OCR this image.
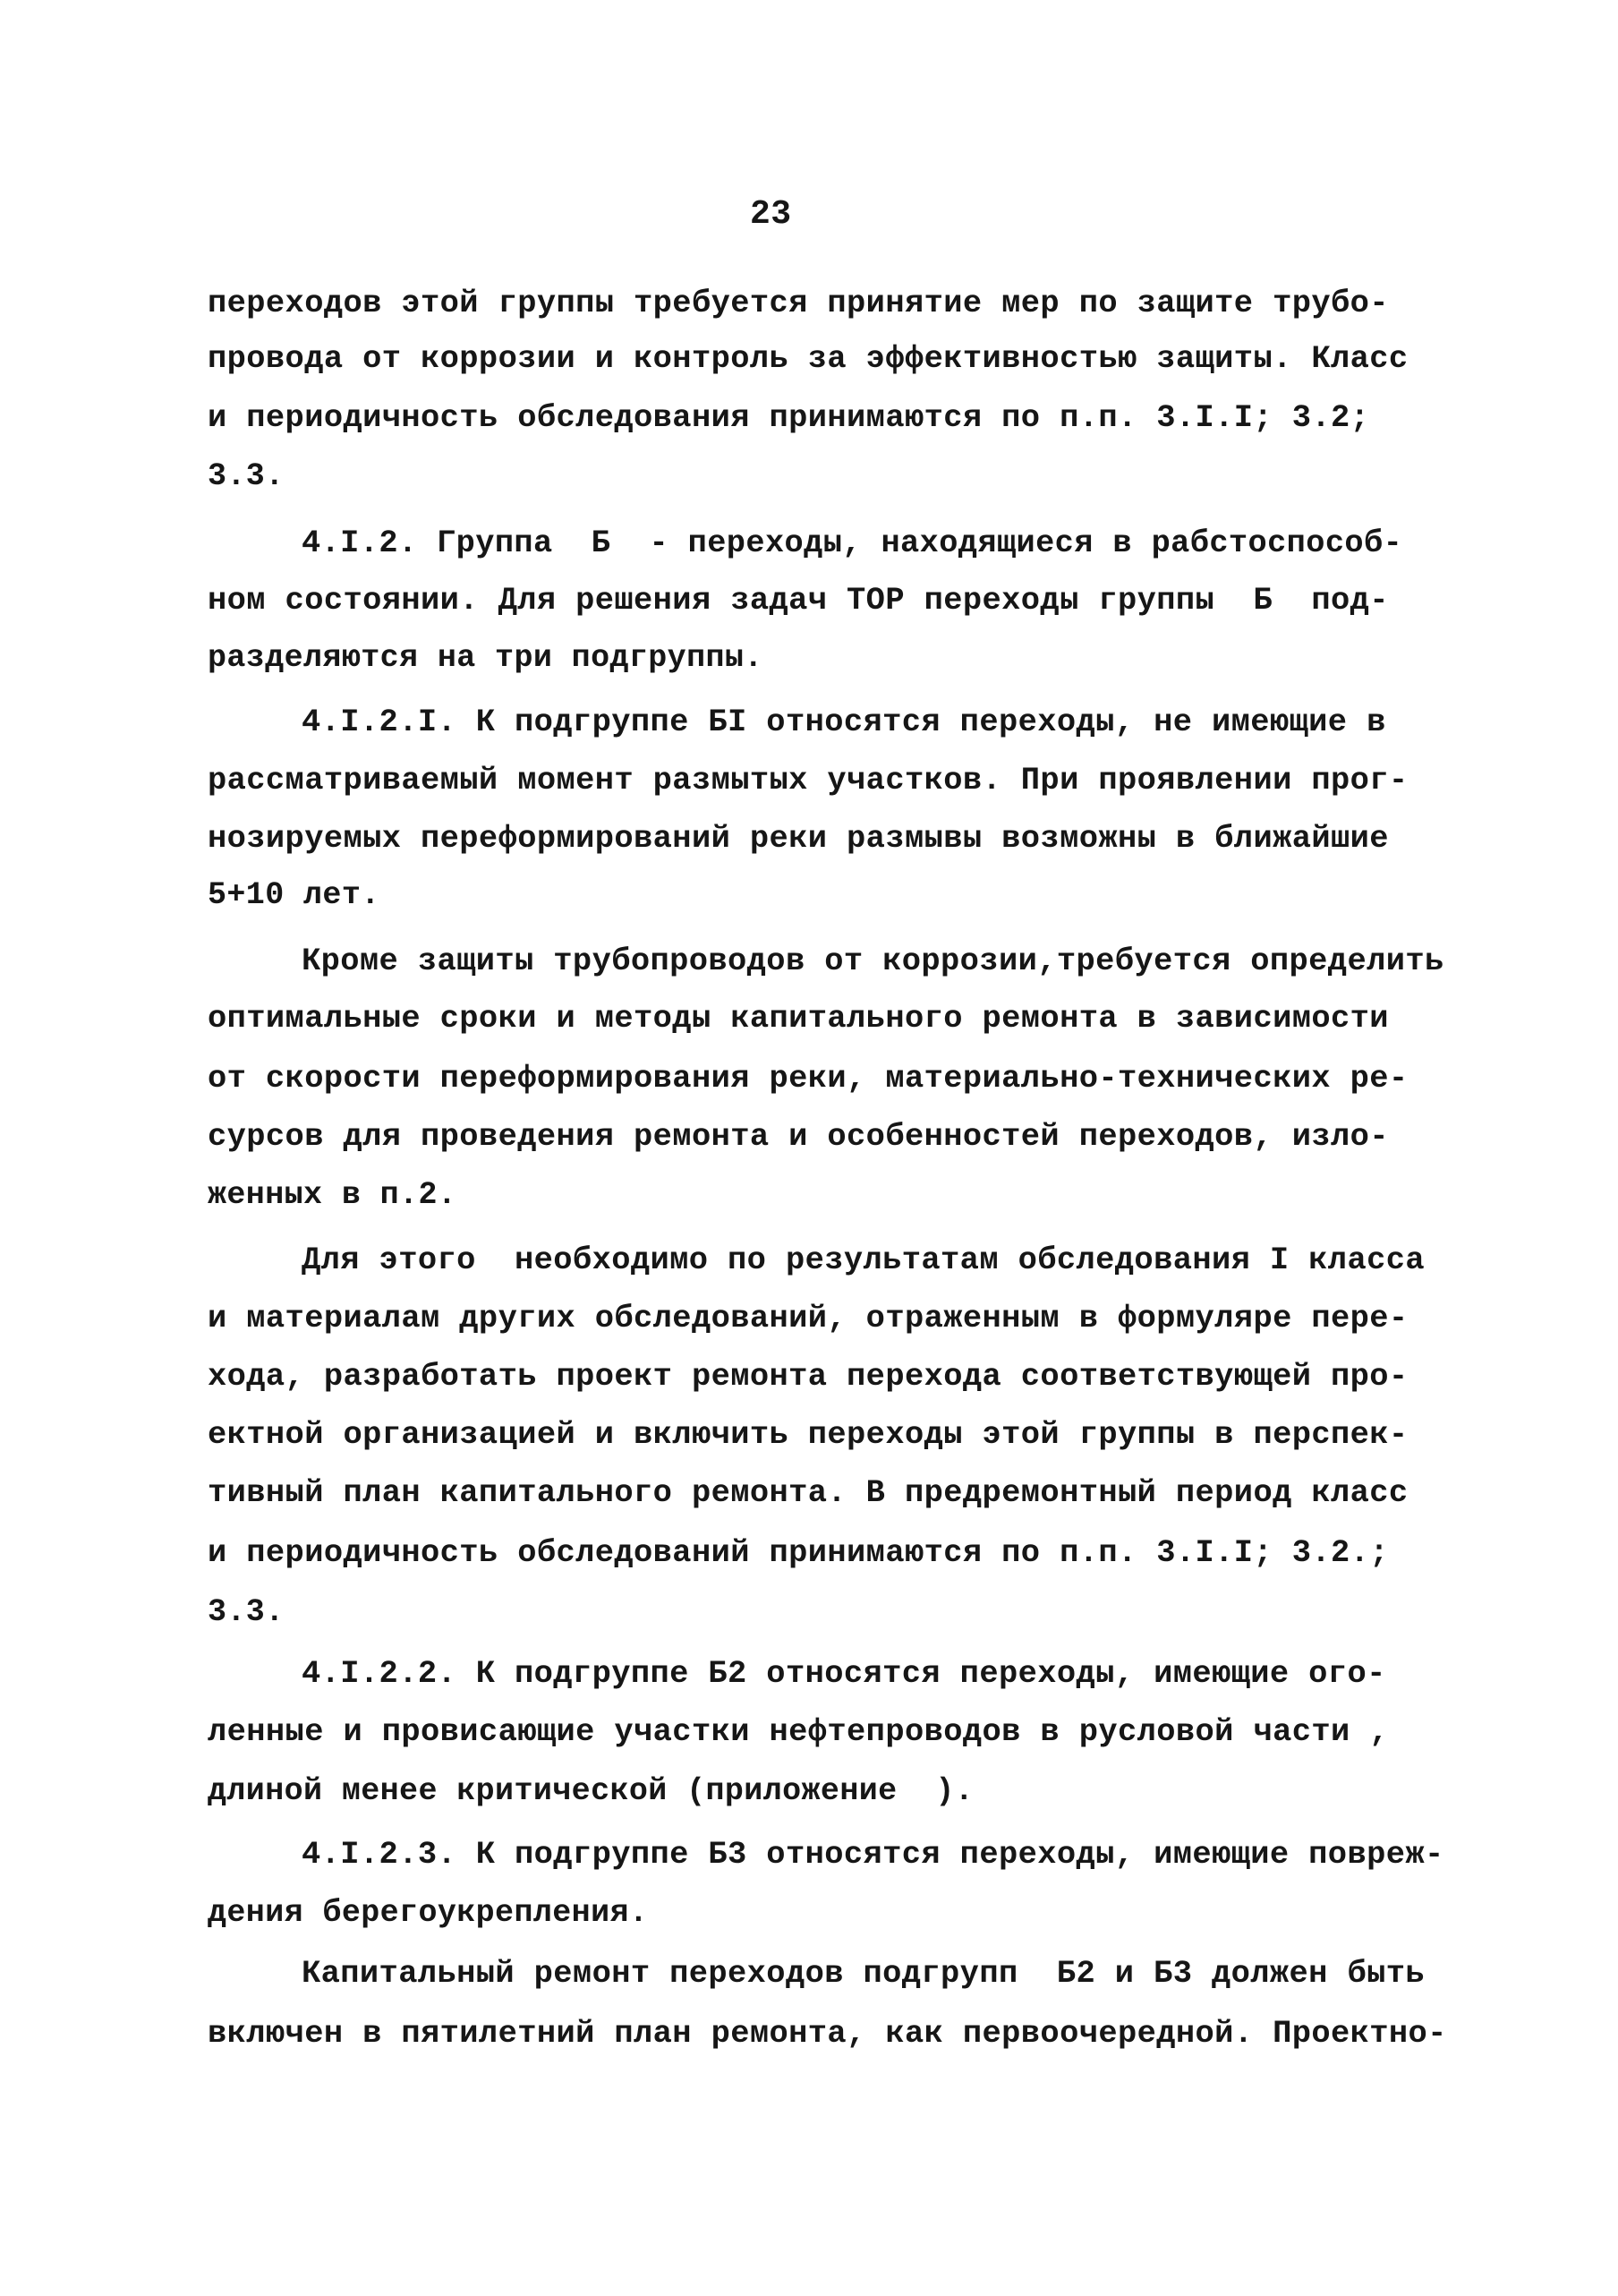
23
переходов этой группы требуется принятие мер по защите трубо-
провода от коррозии и контроль за эффективностью защиты. Класс
и периодичность обследования принимаются по п.п. 3.I.I; 3.2;
3.3.
4.I.2. Группа  Б  - переходы, находящиеся в рабстоспособ-
ном состоянии. Для решения задач ТОР переходы группы  Б  под-
разделяются на три подгруппы.
4.I.2.I. К подгруппе БI относятся переходы, не имеющие в
рассматриваемый момент размытых участков. При проявлении прог-
нозируемых переформирований реки размывы возможны в ближайшие
5+10 лет.
Кроме защиты трубопроводов от коррозии,требуется определить
оптимальные сроки и методы капитального ремонта в зависимости
от скорости переформирования реки, материально-технических ре-
сурсов для проведения ремонта и особенностей переходов, изло-
женных в п.2.
Для этого  необходимо по результатам обследования I класса
и материалам других обследований, отраженным в формуляре пере-
хода, разработать проект ремонта перехода соответствующей про-
ектной организацией и включить переходы этой группы в перспек-
тивный план капитального ремонта. В предремонтный период класс
и периодичность обследований принимаются по п.п. 3.I.I; 3.2.;
3.3.
4.I.2.2. К подгруппе Б2 относятся переходы, имеющие ого-
ленные и провисающие участки нефтепроводов в русловой части ,
длиной менее критической (приложение  ).
4.I.2.3. К подгруппе Б3 относятся переходы, имеющие повреж-
дения берегоукрепления.
Капитальный ремонт переходов подгрупп  Б2 и Б3 должен быть
включен в пятилетний план ремонта, как первоочередной. Проектно-
